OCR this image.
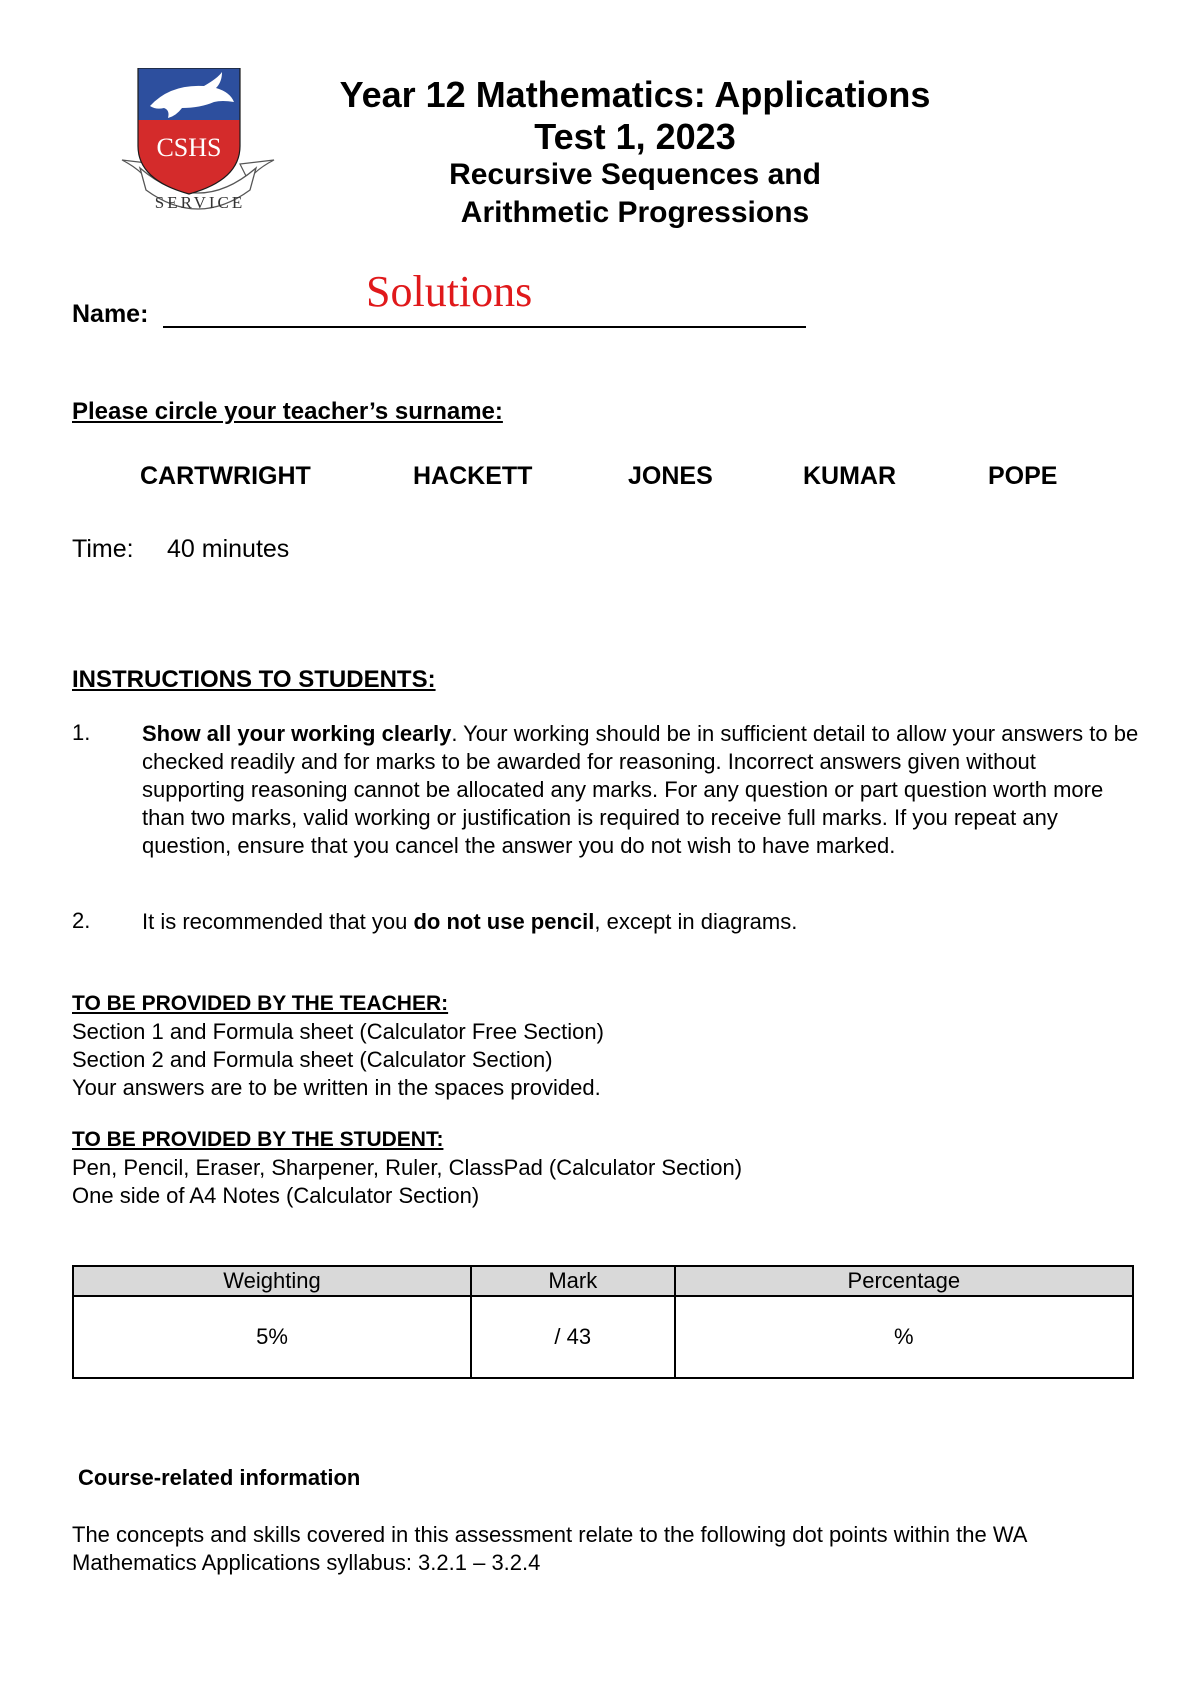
CSHS
SERVICE
Year 12 Mathematics: Applications
Test 1, 2023
Recursive Sequences and
Arithmetic Progressions
Name:	Solutions
Please circle your teacher’s surname:
CARTWRIGHT	HACKETT	JONES	KUMAR	POPE
Time: 40 minutes
INSTRUCTIONS TO STUDENTS:
1. Show all your working clearly. Your working should be in sufficient detail to allow your answers to be checked readily and for marks to be awarded for reasoning. Incorrect answers given without supporting reasoning cannot be allocated any marks. For any question or part question worth more than two marks, valid working or justification is required to receive full marks. If you repeat any question, ensure that you cancel the answer you do not wish to have marked.
2. It is recommended that you do not use pencil, except in diagrams.
TO BE PROVIDED BY THE TEACHER:
Section 1 and Formula sheet (Calculator Free Section)
Section 2 and Formula sheet (Calculator Section)
Your answers are to be written in the spaces provided.
TO BE PROVIDED BY THE STUDENT:
Pen, Pencil, Eraser, Sharpener, Ruler, ClassPad (Calculator Section)
One side of A4 Notes (Calculator Section)
Weighting	Mark	Percentage
5%	/ 43	%
Course-related information
The concepts and skills covered in this assessment relate to the following dot points within the WA Mathematics Applications syllabus: 3.2.1 – 3.2.4
